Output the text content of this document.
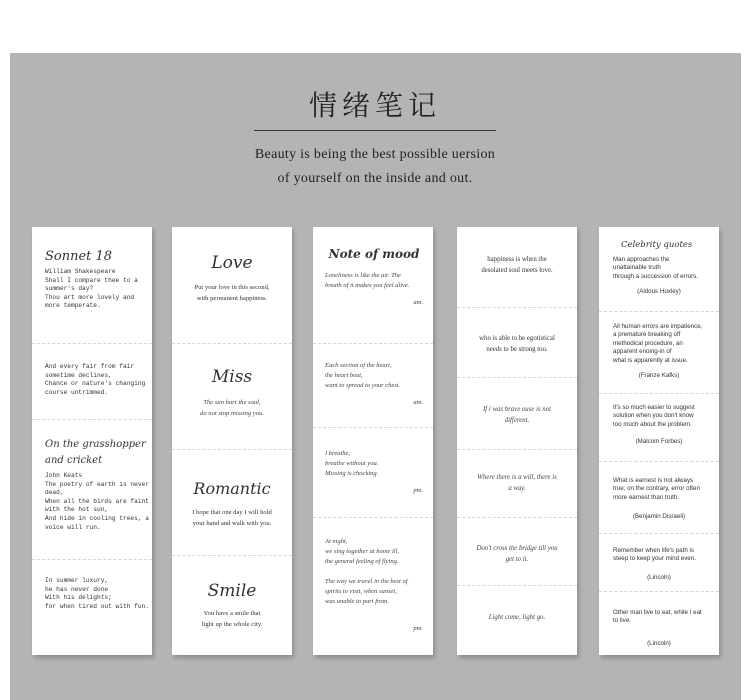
情绪笔记
Beauty is being the best possible uersion
of yourself on the inside and out.
Sonnet 18
William Shakespeare
Shall I compare thee to a
summer's day?
Thou art more lovely and
more temperate.
And every fair from fair
sometime declines,
Chance or nature's changing
course untrimmed.
On the grasshopper
and cricket
John Keats
The poetry of earth is never
dead,
When all the birds are faint
with the hot sun,
And hide in cooling trees, a
voice will run.
In summer luxury,
he has never done
With his delights;
for when tired out with fun.
Love
Put your love in this second,
with permanent happiness.
Miss
The sun hurt the soul,
do not stop missing you.
Romantic
I hope that one day I will hold
your hand and walk with you.
Smile
You have a smile that
light up the whole city.
Note of mood
Loneliness is like the air. The
breath of it makes you feel alive.
am.
Each section of the heart,
the heart beat,
want to spread to your chest.
am.
I breathe,
breathe without you.
Missing is chocking.
pm.
At night,
we sing together at home ill,
the general feeling of flying.
The way we travel in the best of
spirits to visit, when sunset,
was unable to part from.
pm.
happiness is when the
desolated soul meets love.
who is able to be egotistical
needs to be strong too.
If i was brave ouse is not
different.
Where there is a will, there is
a way.
Don't cross the bridge till you
get to it.
Light come, light go.
Celebrity quotes
Man approaches the
unattainable truth
through a succession of errors.
(Aldous Huxley)
All human errors are impatience,
a premature breaking off
methodical procedure, an
apparent enoing-in of
what is apparently at issue.
(Franze Kafks)
It's so much easier to suggest
solution when you don't know
too much about the problem.
(Malcom Forbes)
What is earnest is not always
true; on the contrary, error often
more earnest than truth.
(Benjamin Disraeli)
Remember when life's path is
steep to keep your mind even.
(Lincoln)
Other man live to eat, while I eat
to live.
(Lincoln)
